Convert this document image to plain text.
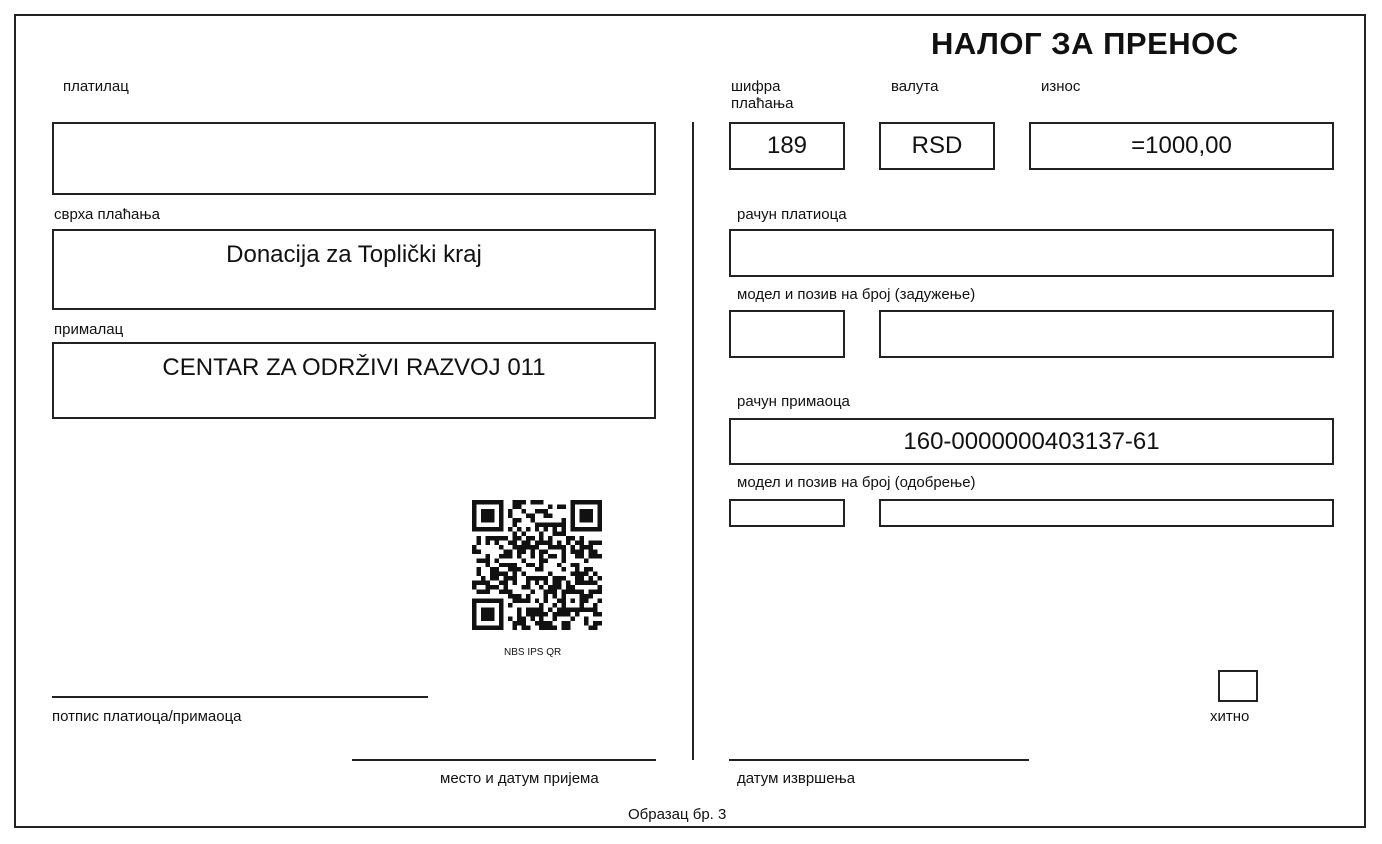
НАЛОГ ЗА ПРЕНОС
платилац
сврха плаћања
Donacija za Toplički kraj
прималац
CENTAR ZA ODRŽIVI RAZVOJ 011
NBS IPS QR
потпис платиоца/примаоца
место и датум пријема
шифра
плаћања
валута	износ
189	RSD	=1000,00
рачун платиоца
модел и позив на број (задужење)
рачун примаоца
160-0000000403137-61
модел и позив на број (одобрење)
хитно
датум извршења
Образац бр. 3
